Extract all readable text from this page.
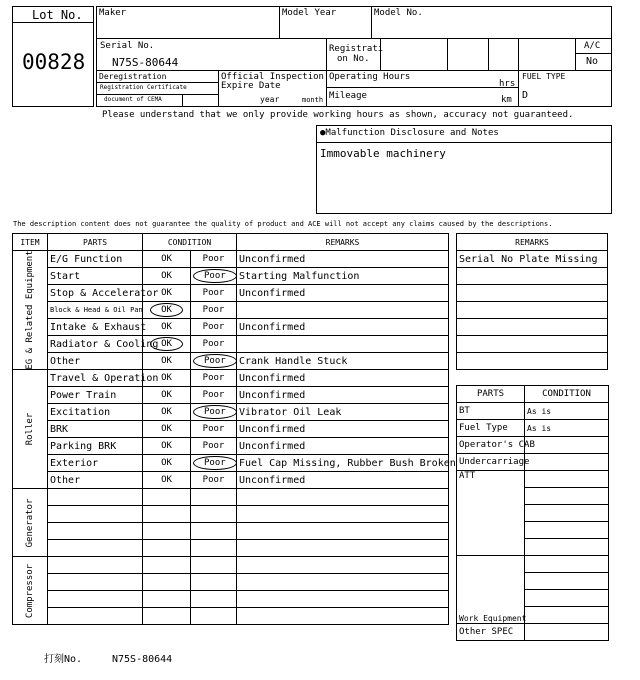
Lot No.
00828
Maker	Model Year	Model No.
Serial No.
N75S-80644
Registrati
on No.
A/C
No
Deregistration
Registration Certificate
document of CEMA
Official Inspection
Expire Date
year	month
Operating Hours
hrs
Mileage	km
FUEL TYPE
D
Please understand that we only provide working hours as shown, accuracy not guaranteed.
●Malfunction Disclosure and Notes
Immovable machinery
The description content does not guarantee the quality of product and ACE will not accept any claims caused by the descriptions.
ITEM	PARTS	CONDITION		REMARKS

EG & Related Equipment	E/G Function	OK	Poor	Unconfirmed
	Start	OK	Poor	Starting Malfunction
	Stop & Accelerator	OK	Poor	Unconfirmed
	Block & Head & Oil Pan	OK	Poor	
	Intake & Exhaust	OK	Poor	Unconfirmed
	Radiator & Cooling	OK	Poor	
	Other	OK	Poor	Crank Handle Stuck

Roller	Travel & Operation	OK	Poor	Unconfirmed
	Power Train	OK	Poor	Unconfirmed
	Excitation	OK	Poor	Vibrator Oil Leak
	BRK	OK	Poor	Unconfirmed
	Parking BRK	OK	Poor	Unconfirmed
	Exterior	OK	Poor	Fuel Cap Missing, Rubber Bush Broken
	Other	OK	Poor	Unconfirmed

Generator				

Compressor				

REMARKS
Serial No Plate Missing

PARTS	CONDITION
BT	As is
Fuel Type	As is
Operator's CAB	
Undercarriage	
ATT	

Work Equipment	

Other SPEC	
打刻No.	N75S-80644
